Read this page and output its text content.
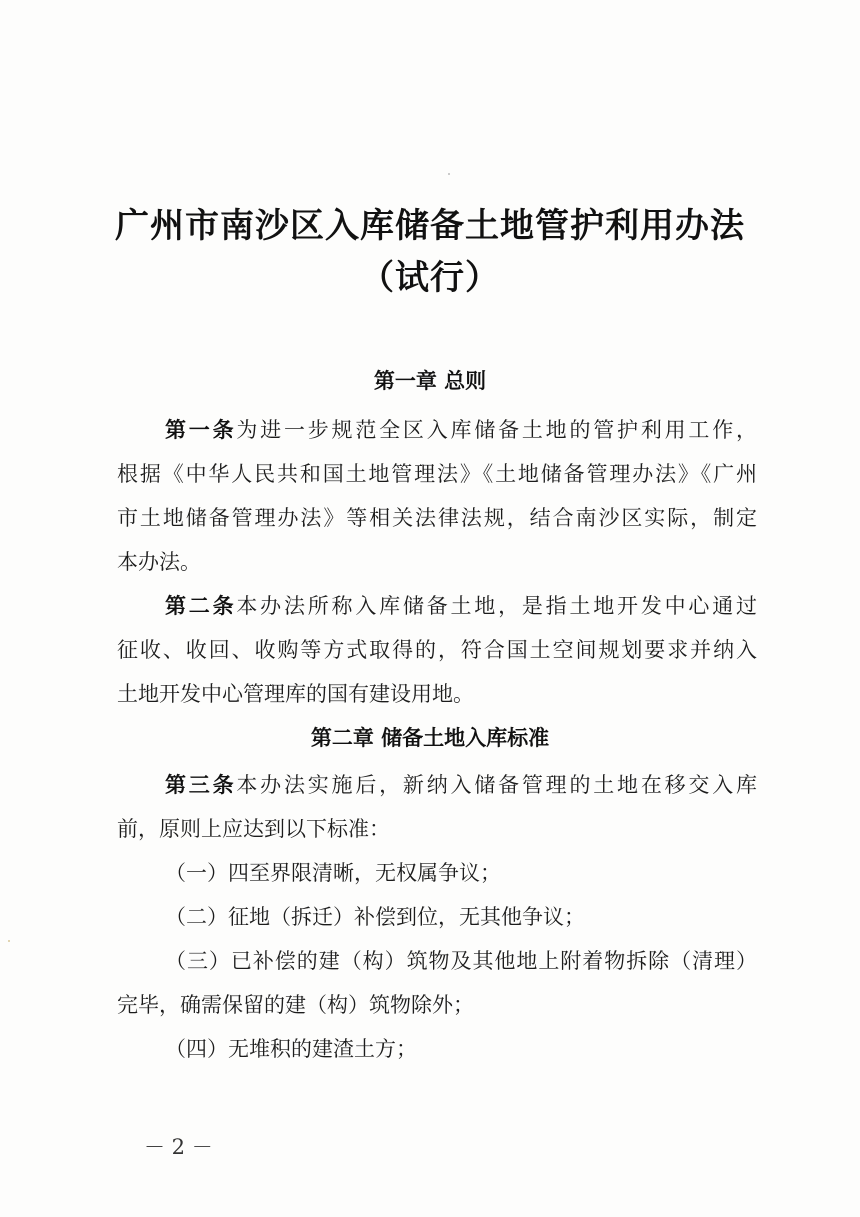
广州市南沙区入库储备土地管护利用办法
（试行）
第一章 总则
第一条为进一步规范全区入库储备土地的管护利用工作，
根据《中华人民共和国土地管理法》《土地储备管理办法》《广州
市土地储备管理办法》等相关法律法规，结合南沙区实际，制定
本办法。
第二条本办法所称入库储备土地，是指土地开发中心通过
征收、收回、收购等方式取得的，符合国土空间规划要求并纳入
土地开发中心管理库的国有建设用地。
第二章 储备土地入库标准
第三条本办法实施后，新纳入储备管理的土地在移交入库
前，原则上应达到以下标准：
（一）四至界限清晰，无权属争议；
（二）征地（拆迁）补偿到位，无其他争议；
（三）已补偿的建（构）筑物及其他地上附着物拆除（清理）
完毕，确需保留的建（构）筑物除外；
（四）无堆积的建渣土方；
－ 2 －
